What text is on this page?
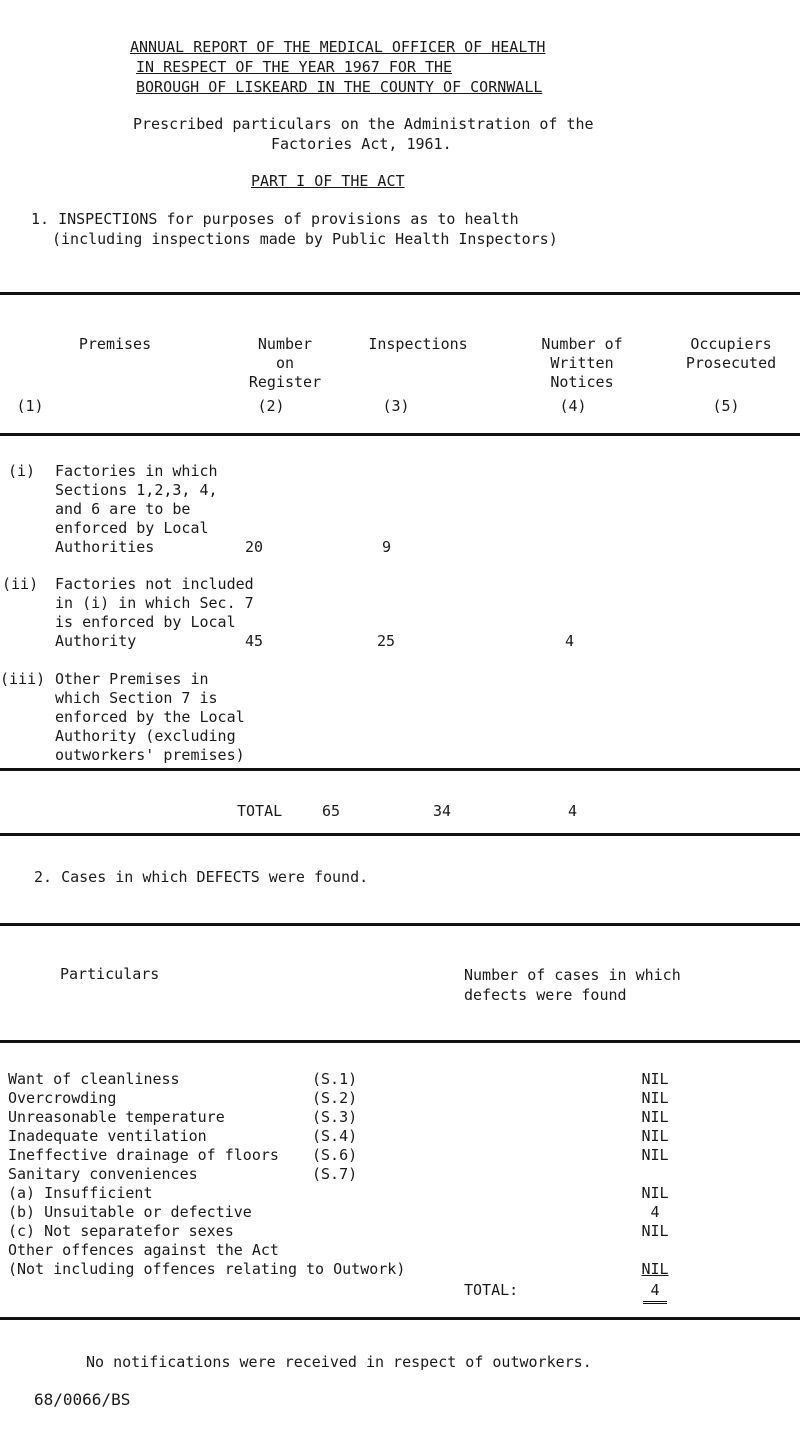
ANNUAL REPORT OF THE MEDICAL OFFICER OF HEALTH
IN RESPECT OF THE YEAR 1967 FOR THE
BOROUGH OF LISKEARD IN THE COUNTY OF CORNWALL
Prescribed particulars on the Administration of the
Factories Act, 1961.
PART I OF THE ACT
1. INSPECTIONS for purposes of provisions as to health
(including inspections made by Public Health Inspectors)
Premises	Number
on
Register
Inspections	Number of
Written
Notices
Occupiers
Prosecuted
(1)	(2)	(3)	(4)	(5)
(i) Factories in which
Sections 1,2,3, 4,
and 6 are to be
enforced by Local
Authorities	20	9
(ii) Factories not included
in (i) in which Sec. 7
is enforced by Local
Authority	45	25	4
(iii) Other Premises in
which Section 7 is
enforced by the Local
Authority (excluding
outworkers' premises)
TOTAL	65	34	4
2. Cases in which DEFECTS were found.
Particulars	Number of cases in which
defects were found
Want of cleanliness	(S.1)	NIL
Overcrowding	(S.2)	NIL
Unreasonable temperature	(S.3)	NIL
Inadequate ventilation	(S.4)	NIL
Ineffective drainage of floors (S.6)	NIL
Sanitary conveniences	(S.7)
(a) Insufficient	NIL
(b) Unsuitable or defective	4
(c) Not separatefor sexes	NIL
Other offences against the Act
(Not including offences relating to Outwork)	NIL
TOTAL:	4
No notifications were received in respect of outworkers.
68/0066/BS
